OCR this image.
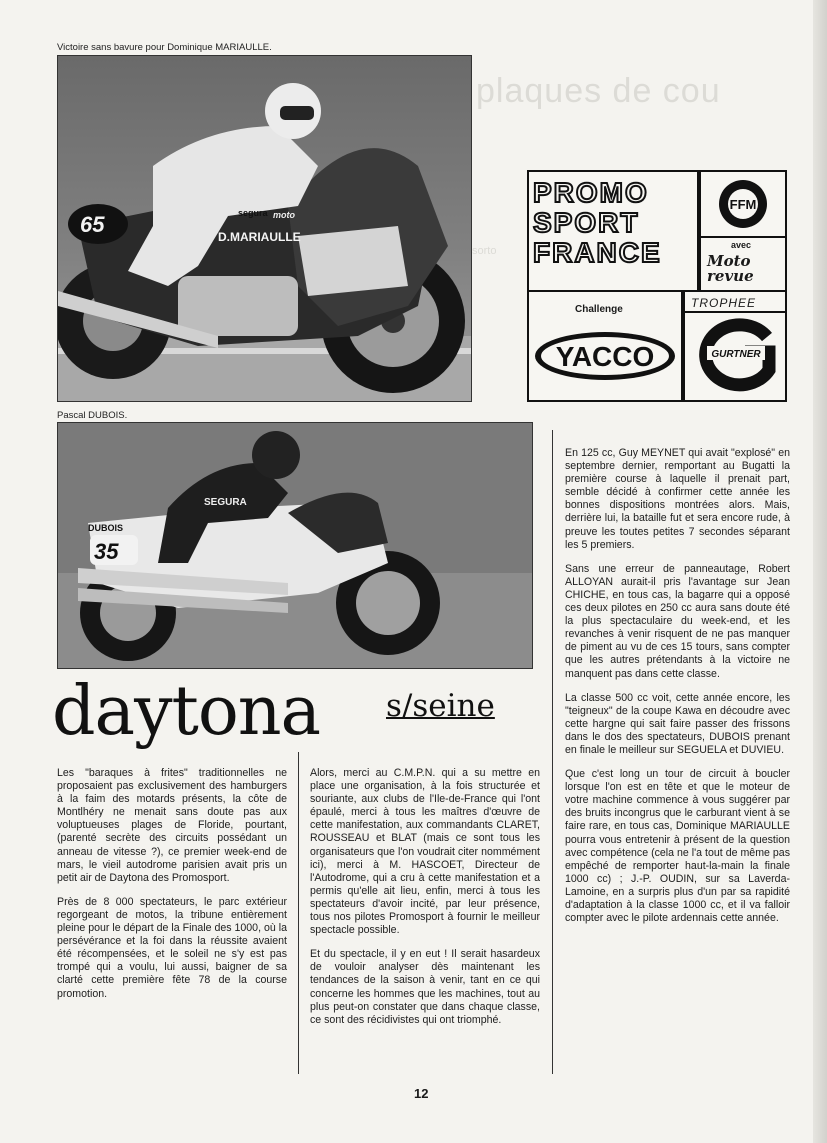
plaques de cou
sorto
Victoire sans bavure pour Dominique MARIAULLE.
65	D.MARIAULLE
segura moto
PROMO
SPORT
FRANCE
FFM
avec
Moto revue
Challenge
YACCO
TROPHEE
GURTNER
Pascal DUBOIS.
35
DUBOIS
SEGURA
daytona s/seine

Les "baraques à frites" traditionnelles ne proposaient pas exclusivement des hamburgers à la faim des motards présents, la côte de Montlhéry ne menait sans doute pas aux voluptueuses plages de Floride, pourtant, (parenté secrète des circuits possédant un anneau de vitesse ?), ce premier week-end de mars, le vieil autodrome parisien avait pris un petit air de Daytona des Promosport.

Près de 8 000 spectateurs, le parc extérieur regorgeant de motos, la tribune entièrement pleine pour le départ de la Finale des 1000, où la persévérance et la foi dans la réussite avaient été récompensées, et le soleil ne s'y est pas trompé qui a voulu, lui aussi, baigner de sa clarté cette première fête 78 de la course promotion.

Alors, merci au C.M.P.N. qui a su mettre en place une organisation, à la fois structurée et souriante, aux clubs de l'Ile-de-France qui l'ont épaulé, merci à tous les maîtres d'œuvre de cette manifestation, aux commandants CLARET, ROUSSEAU et BLAT (mais ce sont tous les organisateurs que l'on voudrait citer nommément ici), merci à M. HASCOET, Directeur de l'Autodrome, qui a cru à cette manifestation et a permis qu'elle ait lieu, enfin, merci à tous les spectateurs d'avoir incité, par leur présence, tous nos pilotes Promosport à fournir le meilleur spectacle possible.

Et du spectacle, il y en eut ! Il serait hasardeux de vouloir analyser dès maintenant les tendances de la saison à venir, tant en ce qui concerne les hommes que les machines, tout au plus peut-on constater que dans chaque classe, ce sont des récidivistes qui ont triomphé.

En 125 cc, Guy MEYNET qui avait "explosé" en septembre dernier, remportant au Bugatti la première course à laquelle il prenait part, semble décidé à confirmer cette année les bonnes dispositions montrées alors. Mais, derrière lui, la bataille fut et sera encore rude, à preuve les toutes petites 7 secondes séparant les 5 premiers.

Sans une erreur de panneautage, Robert ALLOYAN aurait-il pris l'avantage sur Jean CHICHE, en tous cas, la bagarre qui a opposé ces deux pilotes en 250 cc aura sans doute été la plus spectaculaire du week-end, et les revanches à venir risquent de ne pas manquer de piment au vu de ces 15 tours, sans compter que les autres prétendants à la victoire ne manquent pas dans cette classe.

La classe 500 cc voit, cette année encore, les "teigneux" de la coupe Kawa en découdre avec cette hargne qui sait faire passer des frissons dans le dos des spectateurs, DUBOIS prenant en finale le meilleur sur SEGUELA et DUVIEU.

Que c'est long un tour de circuit à boucler lorsque l'on est en tête et que le moteur de votre machine commence à vous suggérer par des bruits incongrus que le carburant vient à se faire rare, en tous cas, Dominique MARIAULLE pourra vous entretenir à présent de la question avec compétence (cela ne l'a tout de même pas empêché de remporter haut-la-main la finale 1000 cc) ; J.-P. OUDIN, sur sa Laverda-Lamoine, en a surpris plus d'un par sa rapidité d'adaptation à la classe 1000 cc, et il va falloir compter avec le pilote ardennais cette année.

12
